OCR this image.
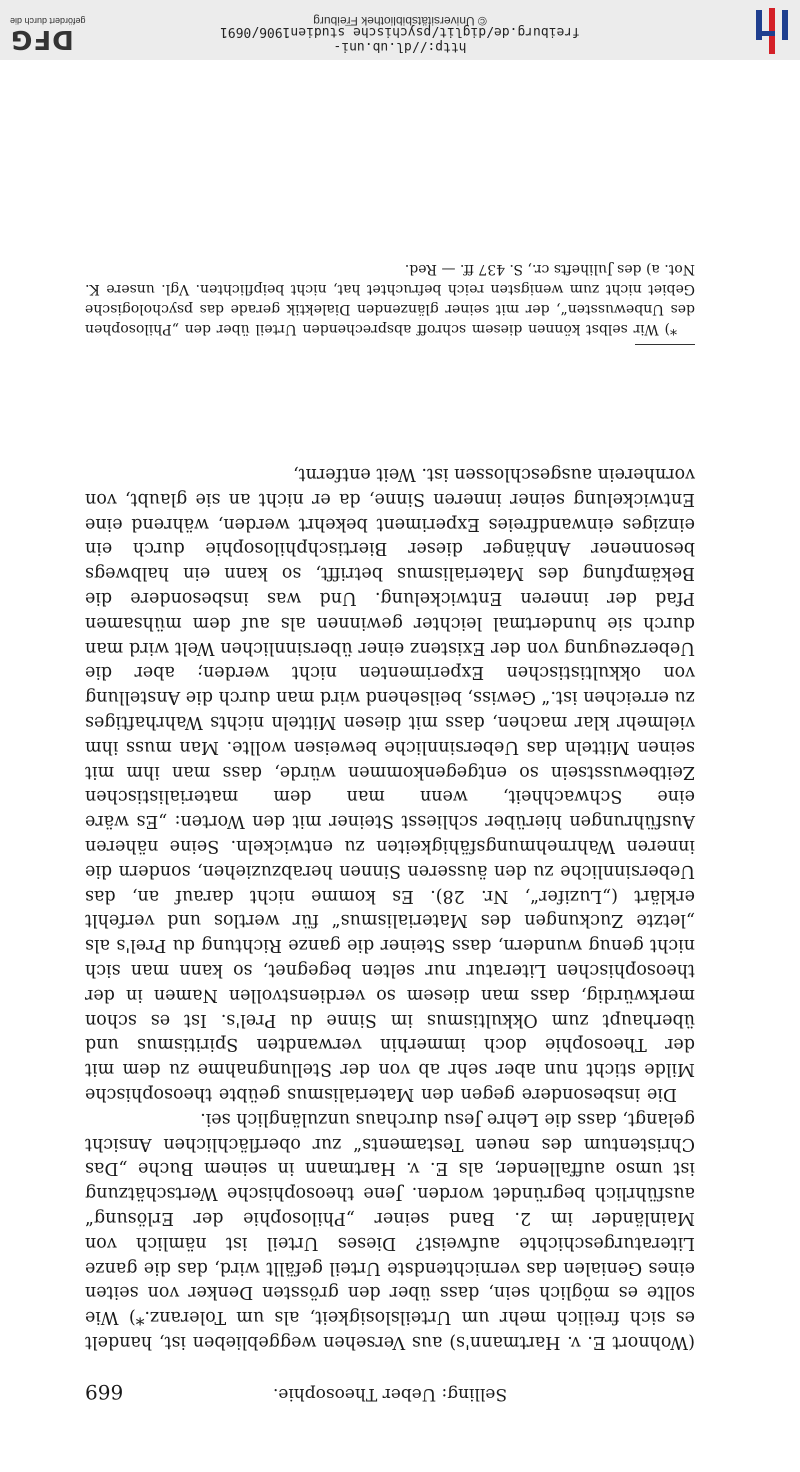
Selling: Ueber Theosophie.
669

(Wohnort E. v. Hartmann's) aus Versehen weggeblieben ist, handelt es sich freilich mehr um Urteilslosigkeit, als um Toleranz.*) Wie sollte es möglich sein, dass über den grössten Denker von seiten eines Genialen das vernichtendste Urteil gefällt wird, das die ganze Literaturgeschichte aufweist? Dieses Urteil ist nämlich von Mainländer im 2. Band seiner „Philosophie der Erlösung“ ausführlich begründet worden. Jene theosophische Wertschätzung ist umso auffallender, als E. v. Hartmann in seinem Buche „Das Christentum des neuen Testaments“ zur oberflächlichen Ansicht gelangt, dass die Lehre Jesu durchaus unzulänglich sei.

Die insbesondere gegen den Materialismus geübte theosophische Milde sticht nun aber sehr ab von der Stellungnahme zu dem mit der Theosophie doch immerhin verwandten Spiritismus und überhaupt zum Okkultismus im Sinne du Prel's. Ist es schon merkwürdig, dass man diesem so verdienstvollen Namen in der theosophischen Literatur nur selten begegnet, so kann man sich nicht genug wundern, dass Steiner die ganze Richtung du Prel's als „letzte Zuckungen des Materialismus“ für wertlos und verfehlt erklärt („Luzifer“, Nr. 28). Es komme nicht darauf an, das Uebersinnliche zu den äusseren Sinnen herabzuziehen, sondern die inneren Wahrnehmungsfähigkeiten zu entwickeln. Seine näheren Ausführungen hierüber schliesst Steiner mit den Worten: „Es wäre eine Schwachheit, wenn man dem materialistischen Zeitbewusstsein so entgegenkommen würde, dass man ihm mit seinen Mitteln das Uebersinnliche beweisen wollte. Man muss ihm vielmehr klar machen, dass mit diesen Mitteln nichts Wahrhaftiges zu erreichen ist.“ Gewiss, beilsehend wird man durch die Anstellung von okkultistischen Experimenten nicht werden; aber die Ueberzeugung von der Existenz einer übersinnlichen Welt wird man durch sie hundertmal leichter gewinnen als auf dem mühsamen Pfad der inneren Entwickelung. Und was insbesondere die Bekämpfung des Materialismus betrifft, so kann ein halbwegs besonnener Anhänger dieser Biertischphilosophie durch ein einziges einwandfreies Experiment bekehrt werden, während eine Entwickelung seiner inneren Sinne, da er nicht an sie glaubt, von vornherein ausgeschlossen ist. Weit entfernt,

*) Wir selbst können diesem schroff absprechenden Urteil über den „Philosophen des Unbewussten“, der mit seiner glänzenden Dialektik gerade das psychologische Gebiet nicht zum wenigsten reich befruchtet hat, nicht beipflichten. Vgl. unsere K. Not. a) des Julihefts cr., S. 437 ff. — Red.

http://dl.ub.uni-freiburg.de/diglit/psychische_studien1906/0691
© Universitätsbibliothek Freiburg
DFG
gefördert durch die
